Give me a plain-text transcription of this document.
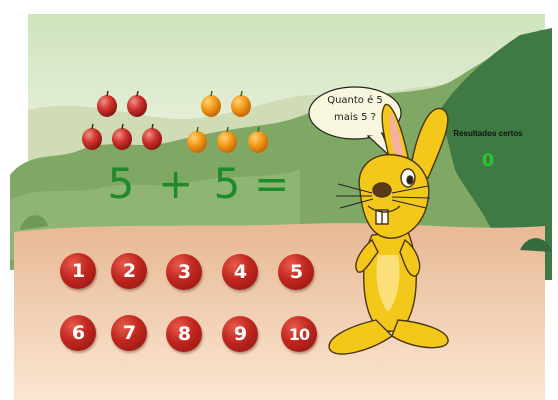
5 + 5 =
1	2	3	4	5
6	7	8	9	10
Quanto é 5 mais 5 ?
Resultados certos
0
